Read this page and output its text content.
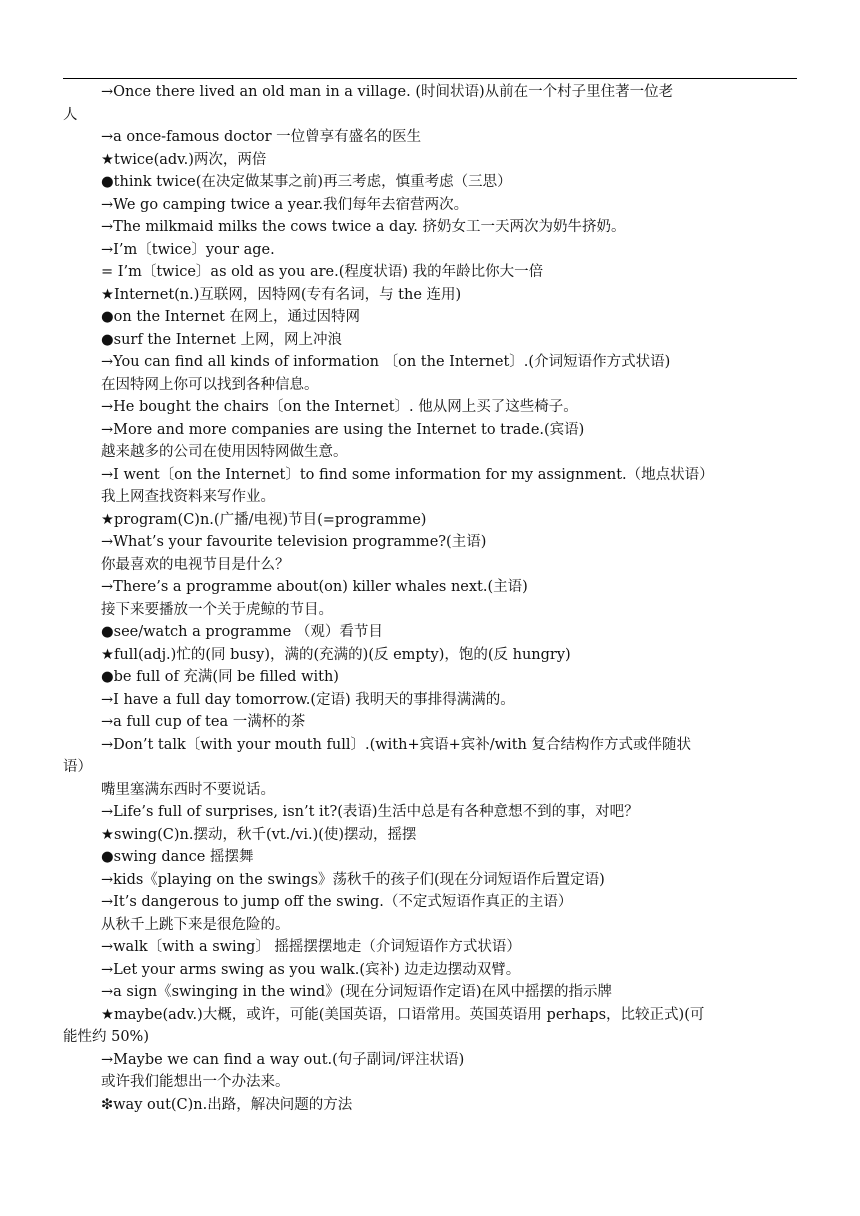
→Once there lived an old man in a village. (时间状语)从前在一个村子里住著一位老
人
→a once-famous doctor 一位曾享有盛名的医生
★twice(adv.)两次，两倍
●think twice(在决定做某事之前)再三考虑，慎重考虑（三思）
→We go camping twice a year.我们每年去宿营两次。
→The milkmaid milks the cows twice a day. 挤奶女工一天两次为奶牛挤奶。
→I’m〔twice〕your age.
= I’m〔twice〕as old as you are.(程度状语) 我的年龄比你大一倍
★Internet(n.)互联网，因特网(专有名词，与 the 连用)
●on the Internet 在网上，通过因特网
●surf the Internet 上网，网上冲浪
→You can find all kinds of information 〔on the Internet〕.(介词短语作方式状语)
在因特网上你可以找到各种信息。
→He bought the chairs〔on the Internet〕. 他从网上买了这些椅子。
→More and more companies are using the Internet to trade.(宾语)
越来越多的公司在使用因特网做生意。
→I went〔on the Internet〕to find some information for my assignment.（地点状语）
我上网查找资料来写作业。
★program(C)n.(广播/电视)节目(=programme)
→What’s your favourite television programme?(主语)
你最喜欢的电视节目是什么？
→There’s a programme about(on) killer whales next.(主语)
接下来要播放一个关于虎鲸的节目。
●see/watch a programme （观）看节目
★full(adj.)忙的(同 busy)，满的(充满的)(反 empty)，饱的(反 hungry)
●be full of 充满(同 be filled with)
→I have a full day tomorrow.(定语) 我明天的事排得满满的。
→a full cup of tea 一满杯的茶
→Don’t talk〔with your mouth full〕.(with+宾语+宾补/with 复合结构作方式或伴随状
语）
嘴里塞满东西时不要说话。
→Life’s full of surprises, isn’t it?(表语)生活中总是有各种意想不到的事，对吧？
★swing(C)n.摆动，秋千(vt./vi.)(使)摆动，摇摆
●swing dance 摇摆舞
→kids《playing on the swings》荡秋千的孩子们(现在分词短语作后置定语)
→It’s dangerous to jump off the swing.（不定式短语作真正的主语）
从秋千上跳下来是很危险的。
→walk〔with a swing〕 摇摇摆摆地走（介词短语作方式状语）
→Let your arms swing as you walk.(宾补) 边走边摆动双臂。
→a sign《swinging in the wind》(现在分词短语作定语)在风中摇摆的指示牌
★maybe(adv.)大概，或许，可能(美国英语，口语常用。英国英语用 perhaps，比较正式)(可
能性约 50%)
→Maybe we can find a way out.(句子副词/评注状语)
或许我们能想出一个办法来。
❇way out(C)n.出路，解决问题的方法
